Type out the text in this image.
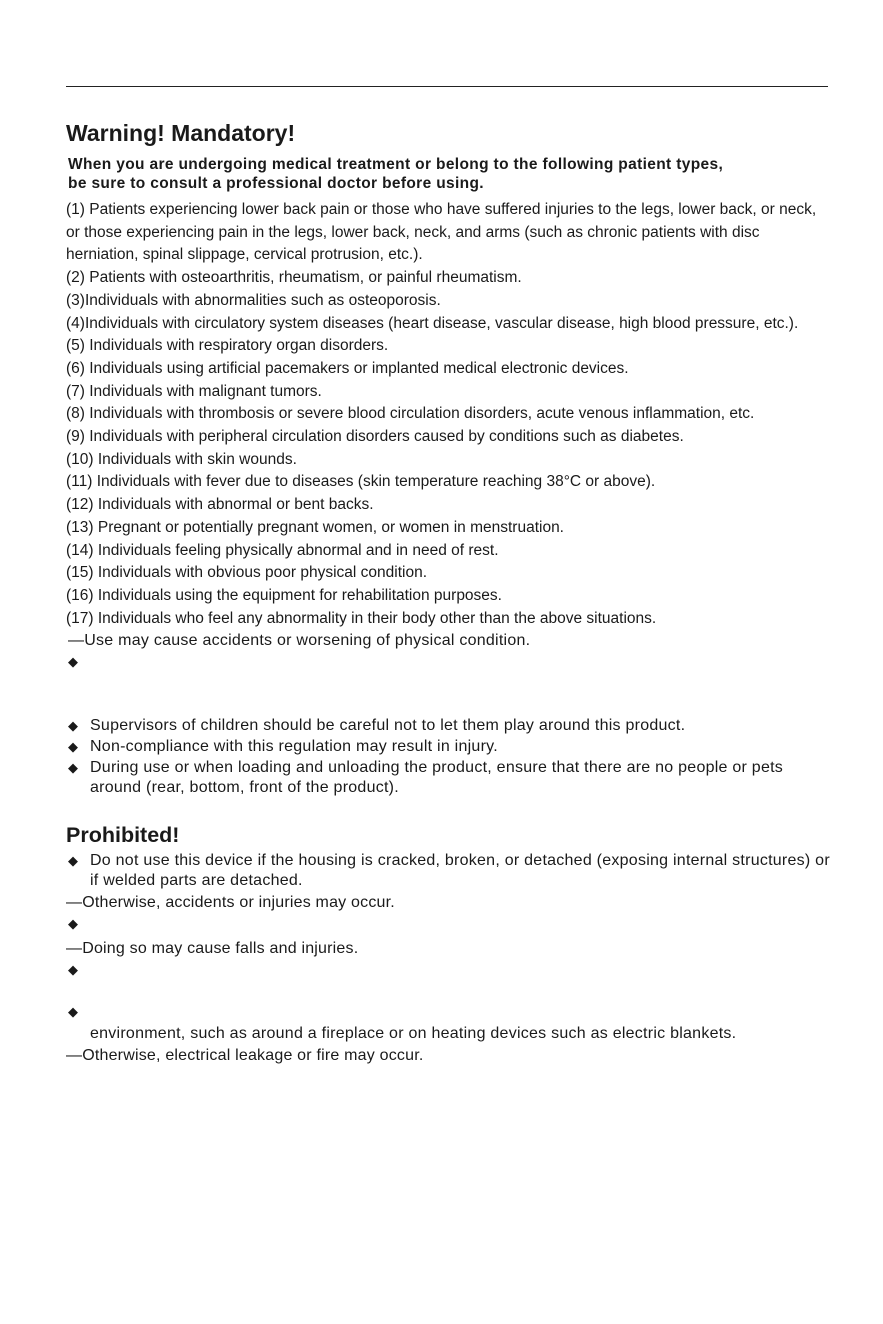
Warning! Mandatory!
When you are undergoing medical treatment or belong to the following patient types,
be sure to consult a professional doctor before using.
(1) Patients experiencing lower back pain or those who have suffered injuries to the legs, lower back, or neck, or those experiencing pain in the legs, lower back, neck, and arms (such as chronic patients with disc herniation, spinal slippage, cervical protrusion, etc.).
(2) Patients with osteoarthritis, rheumatism, or painful rheumatism.
(3)Individuals with abnormalities such as osteoporosis.
(4)Individuals with circulatory system diseases (heart disease, vascular disease, high blood pressure, etc.).
(5) Individuals with respiratory organ disorders.
(6) Individuals using artificial pacemakers or implanted medical electronic devices.
(7) Individuals with malignant tumors.
(8) Individuals with thrombosis or severe blood circulation disorders, acute venous inflammation, etc.
(9) Individuals with peripheral circulation disorders caused by conditions such as diabetes.
(10) Individuals with skin wounds.
(11) Individuals with fever due to diseases (skin temperature reaching 38°C or above).
(12) Individuals with abnormal or bent backs.
(13) Pregnant or potentially pregnant women, or women in menstruation.
(14) Individuals feeling physically abnormal and in need of rest.
(15) Individuals with obvious poor physical condition.
(16) Individuals using the equipment for rehabilitation purposes.
(17) Individuals who feel any abnormality in their body other than the above situations.
—Use may cause accidents or worsening of physical condition.
◆
◆ Supervisors of children should be careful not to let them play around this product.
◆ Non-compliance with this regulation may result in injury.
◆ During use or when loading and unloading the product, ensure that there are no people or pets around (rear, bottom, front of the product).
Prohibited!
◆ Do not use this device if the housing is cracked, broken, or detached (exposing internal structures) or if welded parts are detached.
—Otherwise, accidents or injuries may occur.
◆
—Doing so may cause falls and injuries.
◆
◆
environment, such as around a fireplace or on heating devices such as electric blankets.
—Otherwise, electrical leakage or fire may occur.
